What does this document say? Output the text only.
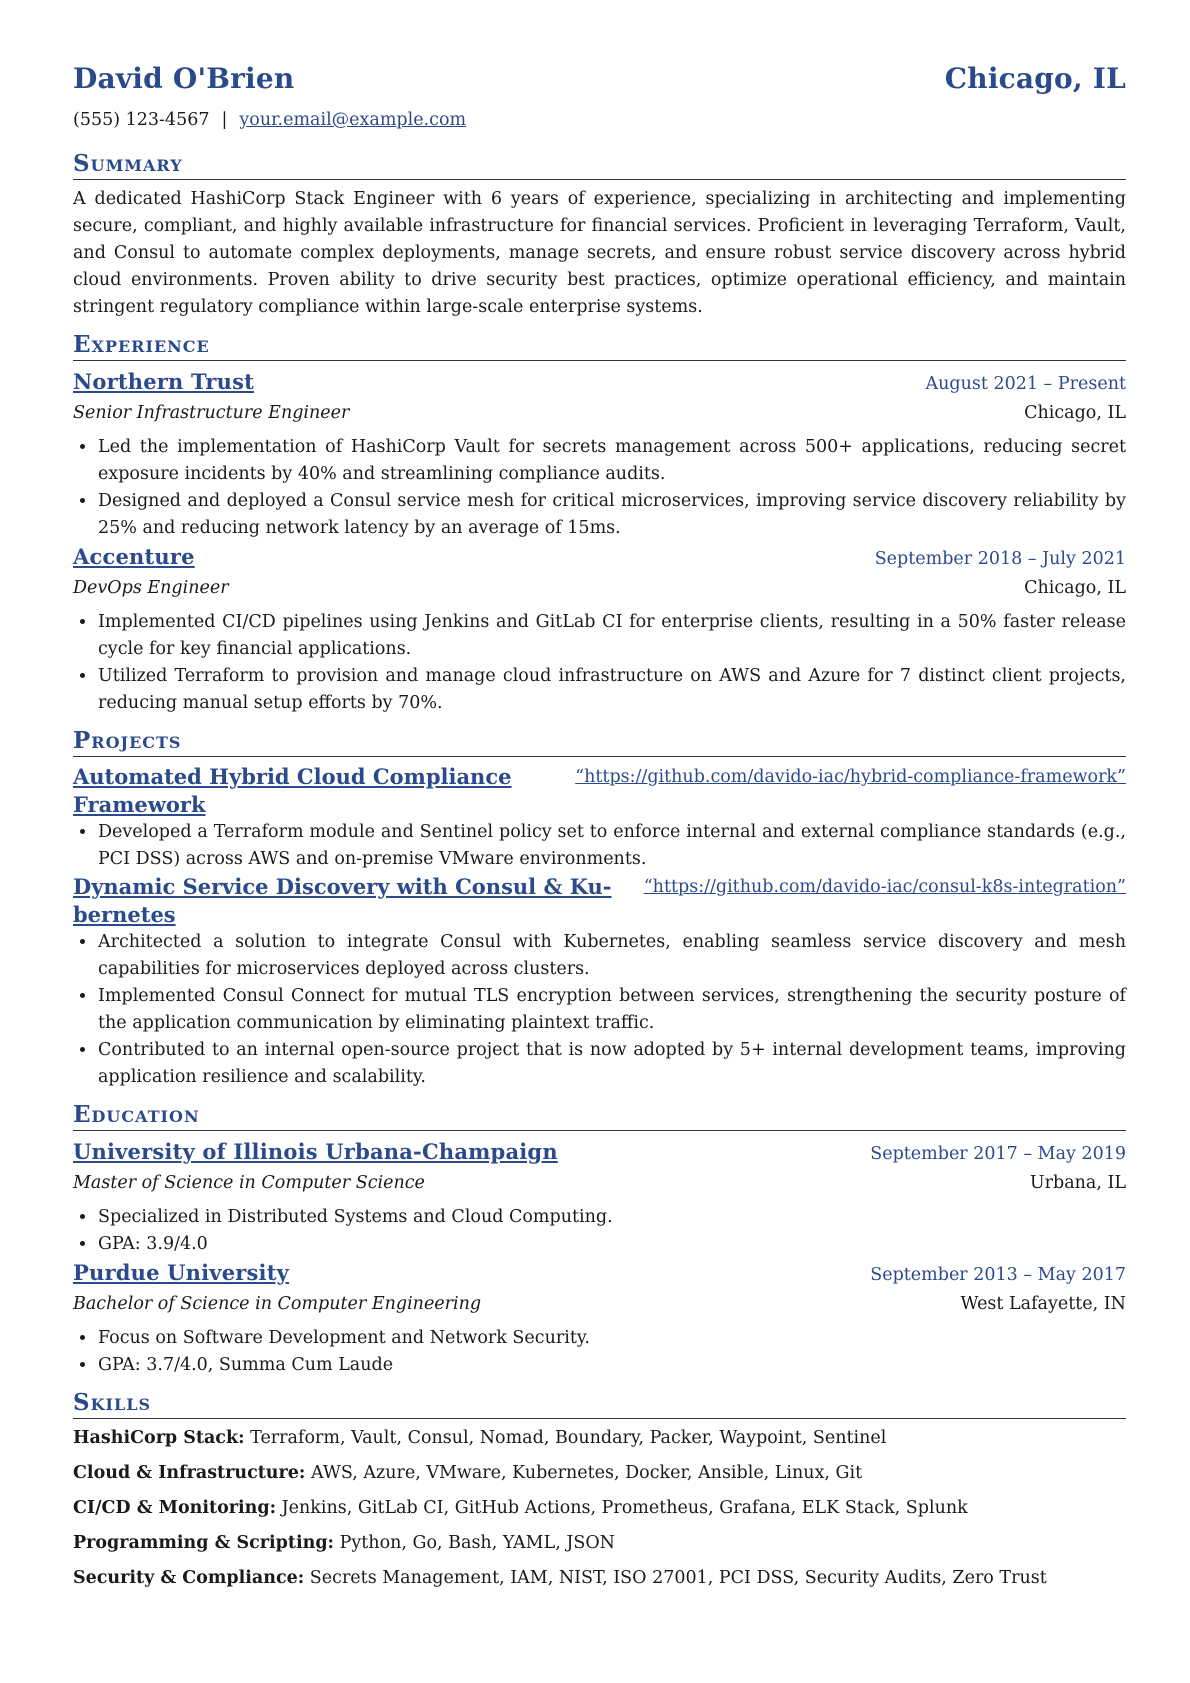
David O'Brien	Chicago, IL
(555) 123-4567 | your.email@example.com
Summary

A dedicated HashiCorp Stack Engineer with 6 years of experience, specializing in architecting and implementing secure, compliant, and highly available infrastructure for financial services. Proficient in leveraging Terraform, Vault, and Consul to automate complex deployments, manage secrets, and ensure robust service discovery across hybrid cloud environments. Proven ability to drive security best practices, optimize operational efficiency, and maintain stringent regulatory compliance within large-scale enterprise systems.

Experience
Northern Trust	August 2021 – Present
Senior Infrastructure Engineer	Chicago, IL
• Led the implementation of HashiCorp Vault for secrets management across 500+ applications, reducing secret exposure incidents by 40% and streamlining compliance audits.
• Designed and deployed a Consul service mesh for critical microservices, improving service discovery reliability by 25% and reducing network latency by an average of 15ms.
Accenture	September 2018 – July 2021
DevOps Engineer	Chicago, IL
• Implemented CI/CD pipelines using Jenkins and GitLab CI for enterprise clients, resulting in a 50% faster release cycle for key financial applications.
• Utilized Terraform to provision and manage cloud infrastructure on AWS and Azure for 7 distinct client projects, reducing manual setup efforts by 70%.
Projects
Automated Hybrid Cloud Compliance
Framework
“https://github.com/davido-iac/hybrid-compliance-framework”
• Developed a Terraform module and Sentinel policy set to enforce internal and external compliance standards (e.g., PCI DSS) across AWS and on-premise VMware environments.
Dynamic Service Discovery with Consul & Ku-
bernetes
“https://github.com/davido-iac/consul-k8s-integration”
• Architected a solution to integrate Consul with Kubernetes, enabling seamless service discovery and mesh capabilities for microservices deployed across clusters.
• Implemented Consul Connect for mutual TLS encryption between services, strengthening the security posture of the application communication by eliminating plaintext traffic.
• Contributed to an internal open-source project that is now adopted by 5+ internal development teams, improving application resilience and scalability.
Education
University of Illinois Urbana-Champaign	September 2017 – May 2019
Master of Science in Computer Science	Urbana, IL
• Specialized in Distributed Systems and Cloud Computing.
• GPA: 3.9/4.0
Purdue University	September 2013 – May 2017
Bachelor of Science in Computer Engineering	West Lafayette, IN
• Focus on Software Development and Network Security.
• GPA: 3.7/4.0, Summa Cum Laude
Skills
HashiCorp Stack: Terraform, Vault, Consul, Nomad, Boundary, Packer, Waypoint, Sentinel
Cloud & Infrastructure: AWS, Azure, VMware, Kubernetes, Docker, Ansible, Linux, Git
CI/CD & Monitoring: Jenkins, GitLab CI, GitHub Actions, Prometheus, Grafana, ELK Stack, Splunk
Programming & Scripting: Python, Go, Bash, YAML, JSON
Security & Compliance: Secrets Management, IAM, NIST, ISO 27001, PCI DSS, Security Audits, Zero Trust
